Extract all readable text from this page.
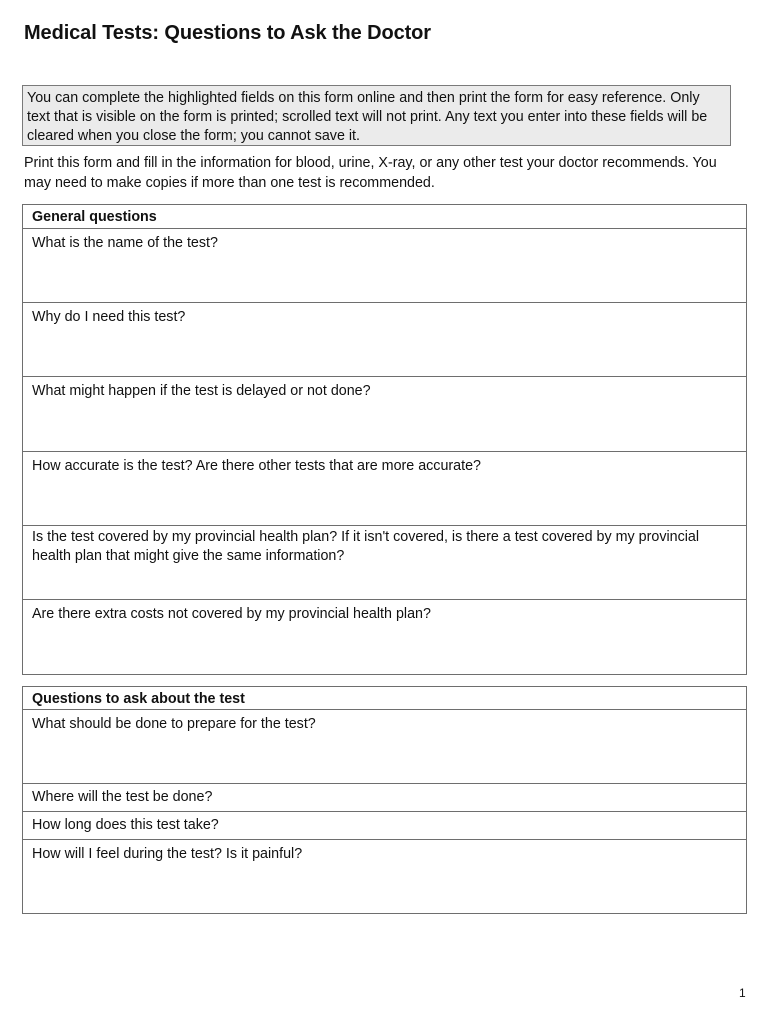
Medical Tests: Questions to Ask the Doctor
You can complete the highlighted fields on this form online and then print the form for easy reference. Only text that is visible on the form is printed; scrolled text will not print. Any text you enter into these fields will be cleared when you close the form; you cannot save it.
Print this form and fill in the information for blood, urine, X-ray, or any other test your doctor recommends. You may need to make copies if more than one test is recommended.
General questions
What is the name of the test?

Why do I need this test?

What might happen if the test is delayed or not done?

How accurate is the test? Are there other tests that are more accurate?

Is the test covered by my provincial health plan? If it isn't covered, is there a test covered by my provincial health plan that might give the same information?

Are there extra costs not covered by my provincial health plan?
Questions to ask about the test
What should be done to prepare for the test?

Where will the test be done?
How long does this test take?
How will I feel during the test? Is it painful?
1
